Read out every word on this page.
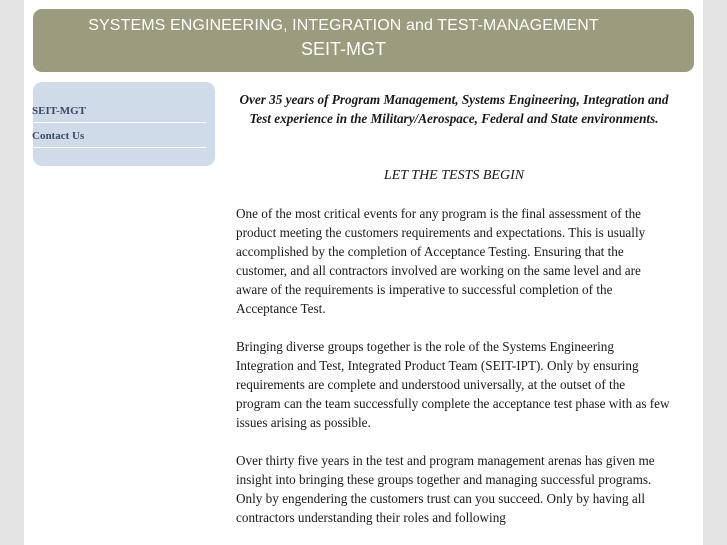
SYSTEMS ENGINEERING, INTEGRATION and TEST-MANAGEMENT
SEIT-MGT
SEIT-MGT
Contact Us

Over 35 years of Program Management, Systems Engineering, Integration and Test experience in the Military/Aerospace, Federal and State environments.

LET THE TESTS BEGIN

One of the most critical events for any program is the final assessment of the product meeting the customers requirements and expectations. This is usually accomplished by the completion of Acceptance Testing. Ensuring that the customer, and all contractors involved are working on the same level and are aware of the requirements is imperative to successful completion of the Acceptance Test.

Bringing diverse groups together is the role of the Systems Engineering Integration and Test, Integrated Product Team (SEIT-IPT). Only by ensuring requirements are complete and understood universally, at the outset of the program can the team successfully complete the acceptance test phase with as few issues arising as possible.

Over thirty five years in the test and program management arenas has given me insight into bringing these groups together and managing successful programs. Only by engendering the customers trust can you succeed. Only by having all contractors understanding their roles and following
